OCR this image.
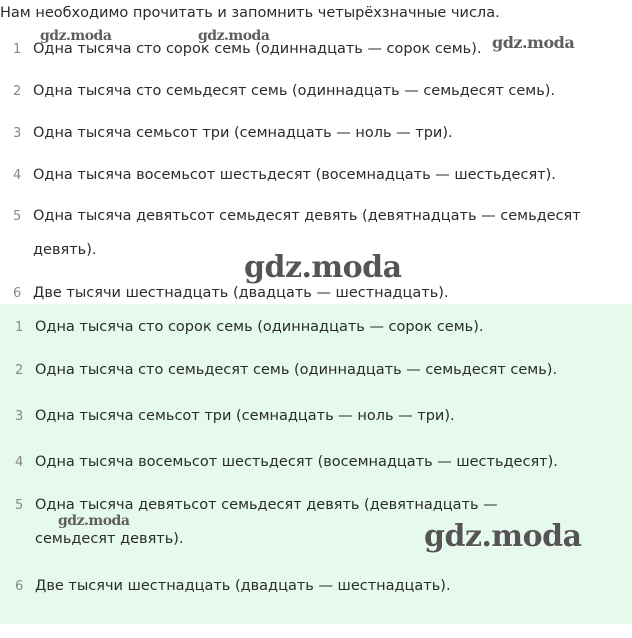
Нам необходимо прочитать и запомнить четырёхзначные числа.
1 Одна тысяча сто сорок семь (одиннадцать — сорок семь).
2 Одна тысяча сто семьдесят семь (одиннадцать — семьдесят семь).
3 Одна тысяча семьсот три (семнадцать — ноль — три).
4 Одна тысяча восемьсот шестьдесят (восемнадцать — шестьдесят).
5 Одна тысяча девятьсот семьдесят девять (девятнадцать — семьдесят девять).
6 Две тысячи шестнадцать (двадцать — шестнадцать).
1 Одна тысяча сто сорок семь (одиннадцать — сорок семь).
2 Одна тысяча сто семьдесят семь (одиннадцать — семьдесят семь).
3 Одна тысяча семьсот три (семнадцать — ноль — три).
4 Одна тысяча восемьсот шестьдесят (восемнадцать — шестьдесят).
5 Одна тысяча девятьсот семьдесят девять (девятнадцать — семьдесят девять).
6 Две тысячи шестнадцать (двадцать — шестнадцать).
gdz.moda	gdz.moda	gdz.moda
gdz.moda
gdz.moda	gdz.moda
